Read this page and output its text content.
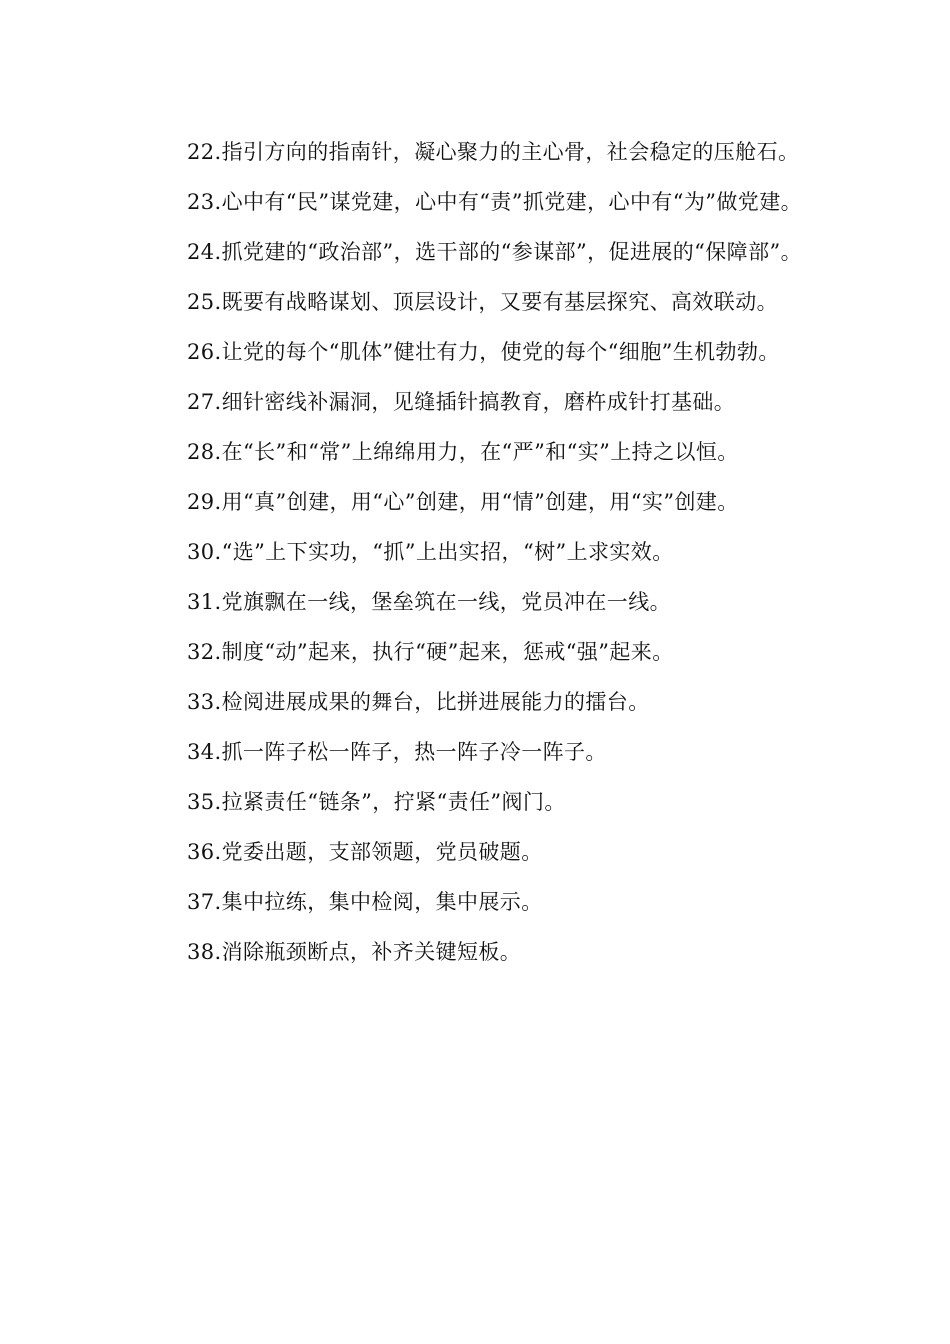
22.指引方向的指南针，凝心聚力的主心骨，社会稳定的压舱石。

23.心中有“民”谋党建，心中有“责”抓党建，心中有“为”做党建。

24.抓党建的“政治部”，选干部的“参谋部”，促进展的“保障部”。

25.既要有战略谋划、顶层设计，又要有基层探究、高效联动。

26.让党的每个“肌体”健壮有力，使党的每个“细胞”生机勃勃。

27.细针密线补漏洞，见缝插针搞教育，磨杵成针打基础。

28.在“长”和“常”上绵绵用力，在“严”和“实”上持之以恒。

29.用“真”创建，用“心”创建，用“情”创建，用“实”创建。

30.“选”上下实功，“抓”上出实招，“树”上求实效。

31.党旗飘在一线，堡垒筑在一线，党员冲在一线。

32.制度“动”起来，执行“硬”起来，惩戒“强”起来。

33.检阅进展成果的舞台，比拼进展能力的擂台。

34.抓一阵子松一阵子，热一阵子冷一阵子。

35.拉紧责任“链条”，拧紧“责任”阀门。

36.党委出题，支部领题，党员破题。

37.集中拉练，集中检阅，集中展示。

38.消除瓶颈断点，补齐关键短板。
